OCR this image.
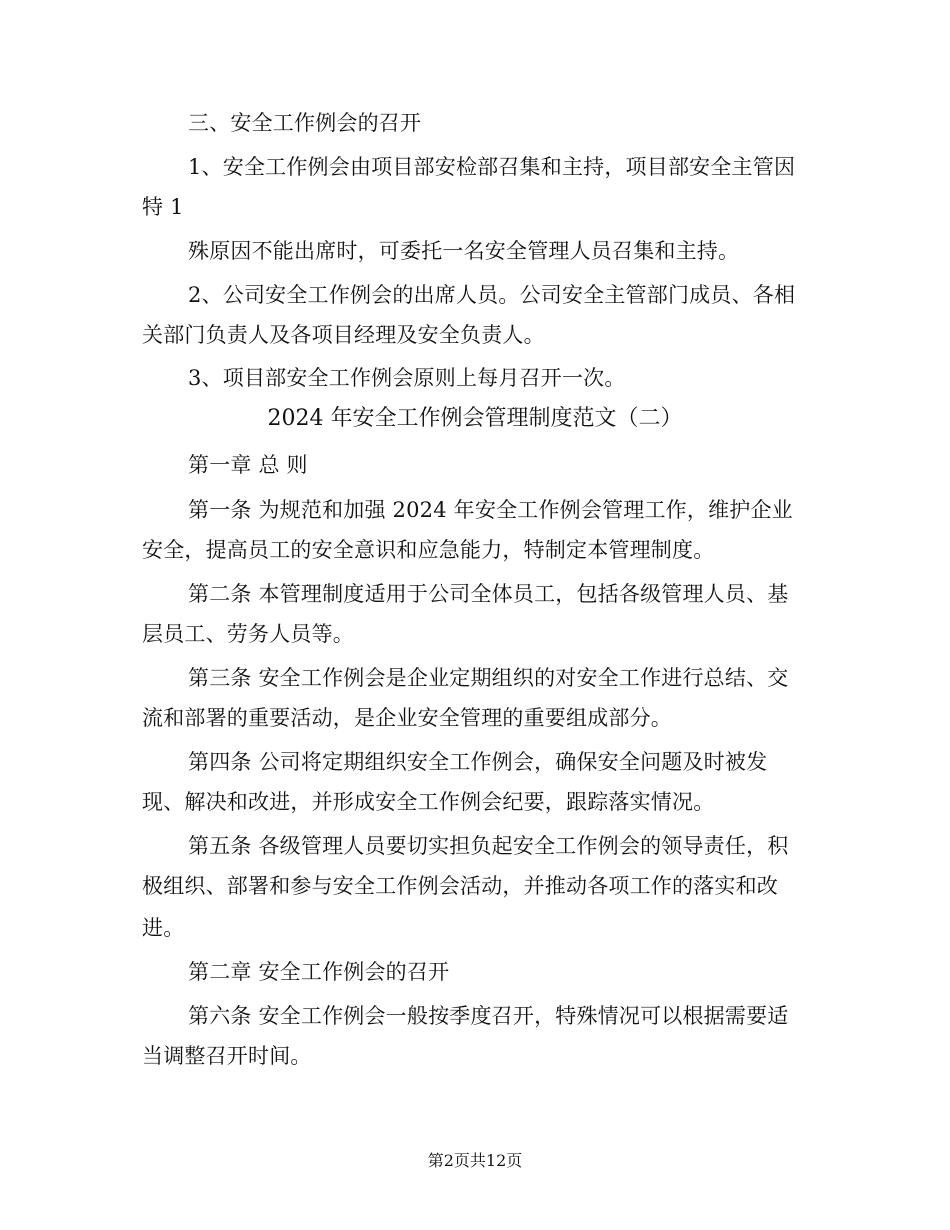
三、安全工作例会的召开
1、安全工作例会由项目部安检部召集和主持，项目部安全主管因
特 1
殊原因不能出席时，可委托一名安全管理人员召集和主持。
2、公司安全工作例会的出席人员。公司安全主管部门成员、各相
关部门负责人及各项目经理及安全负责人。
3、项目部安全工作例会原则上每月召开一次。
2024 年安全工作例会管理制度范文（二）
第一章 总 则
第一条 为规范和加强 2024 年安全工作例会管理工作，维护企业
安全，提高员工的安全意识和应急能力，特制定本管理制度。
第二条 本管理制度适用于公司全体员工，包括各级管理人员、基
层员工、劳务人员等。
第三条 安全工作例会是企业定期组织的对安全工作进行总结、交
流和部署的重要活动，是企业安全管理的重要组成部分。
第四条 公司将定期组织安全工作例会，确保安全问题及时被发
现、解决和改进，并形成安全工作例会纪要，跟踪落实情况。
第五条 各级管理人员要切实担负起安全工作例会的领导责任，积
极组织、部署和参与安全工作例会活动，并推动各项工作的落实和改
进。
第二章 安全工作例会的召开
第六条 安全工作例会一般按季度召开，特殊情况可以根据需要适
当调整召开时间。
第2页共12页
